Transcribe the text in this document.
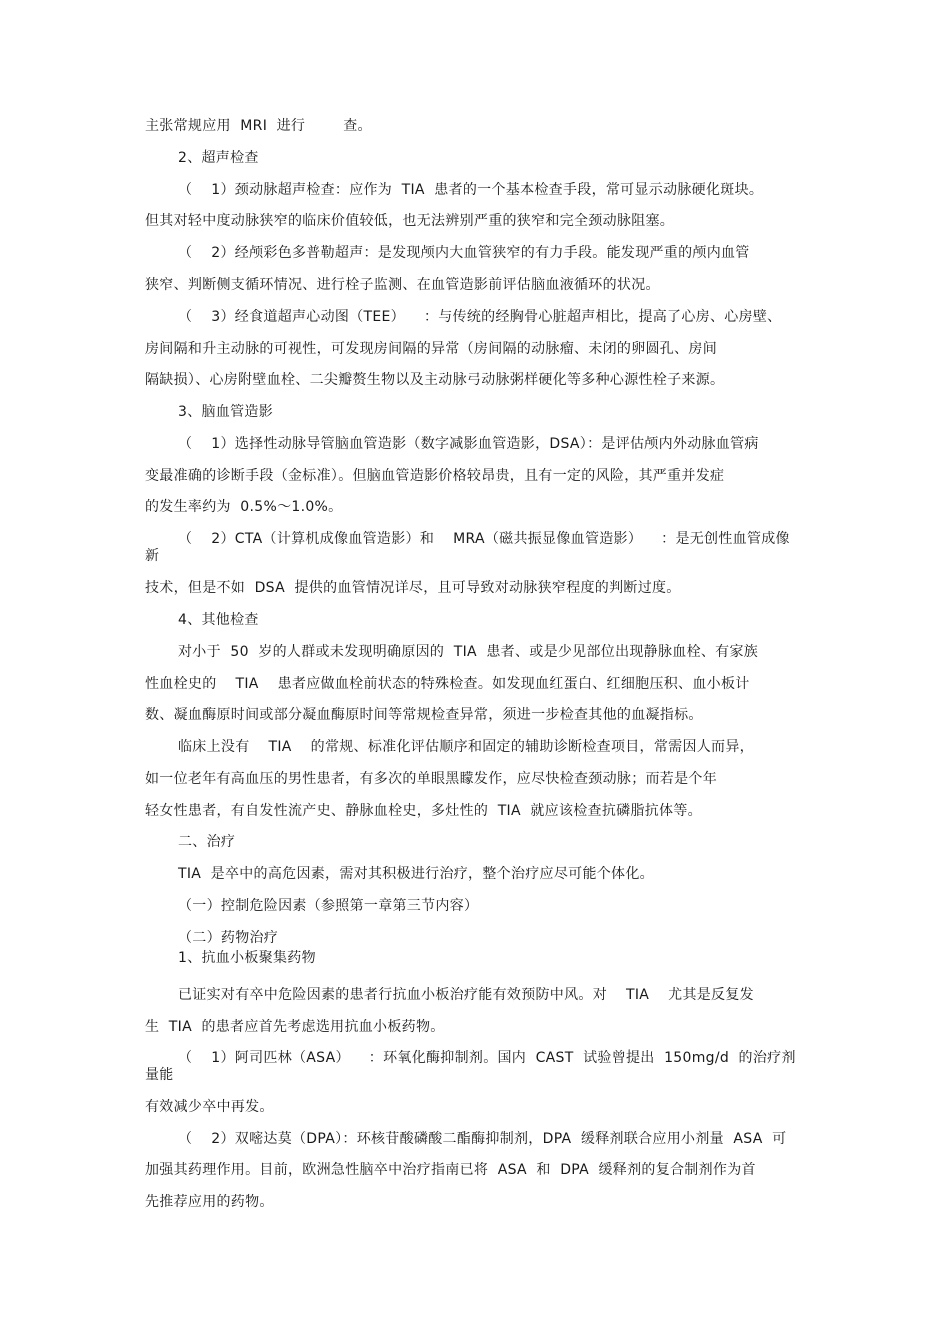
主张常规应用  MRI  进行        查。
2、超声检查
（    1）颈动脉超声检查：应作为  TIA  患者的一个基本检查手段，常可显示动脉硬化斑块。
但其对轻中度动脉狭窄的临床价值较低，也无法辨别严重的狭窄和完全颈动脉阻塞。
（    2）经颅彩色多普勒超声：是发现颅内大血管狭窄的有力手段。能发现严重的颅内血管
狭窄、判断侧支循环情况、进行栓子监测、在血管造影前评估脑血液循环的状况。
（    3）经食道超声心动图（TEE）    ：与传统的经胸骨心脏超声相比，提高了心房、心房壁、
房间隔和升主动脉的可视性，可发现房间隔的异常（房间隔的动脉瘤、未闭的卵圆孔、房间
隔缺损）、心房附壁血栓、二尖瓣赘生物以及主动脉弓动脉粥样硬化等多种心源性栓子来源。
3、脑血管造影
（    1）选择性动脉导管脑血管造影（数字减影血管造影，DSA）：是评估颅内外动脉血管病
变最准确的诊断手段（金标准）。但脑血管造影价格较昂贵，且有一定的风险，其严重并发症
的发生率约为  0.5%～1.0%。
（    2）CTA（计算机成像血管造影）和    MRA（磁共振显像血管造影）    ：是无创性血管成像
新
技术，但是不如  DSA  提供的血管情况详尽，且可导致对动脉狭窄程度的判断过度。
4、其他检查
对小于  50  岁的人群或未发现明确原因的  TIA  患者、或是少见部位出现静脉血栓、有家族
性血栓史的    TIA    患者应做血栓前状态的特殊检查。如发现血红蛋白、红细胞压积、血小板计
数、凝血酶原时间或部分凝血酶原时间等常规检查异常，须进一步检查其他的血凝指标。
临床上没有    TIA    的常规、标准化评估顺序和固定的辅助诊断检查项目，常需因人而异，
如一位老年有高血压的男性患者，有多次的单眼黑矇发作，应尽快检查颈动脉；而若是个年
轻女性患者，有自发性流产史、静脉血栓史，多灶性的  TIA  就应该检查抗磷脂抗体等。
二、治疗
TIA  是卒中的高危因素，需对其积极进行治疗，整个治疗应尽可能个体化。
（一）控制危险因素（参照第一章第三节内容）
（二）药物治疗
1、抗血小板聚集药物
已证实对有卒中危险因素的患者行抗血小板治疗能有效预防中风。对    TIA    尤其是反复发
生  TIA  的患者应首先考虑选用抗血小板药物。
（    1）阿司匹林（ASA）    ：环氧化酶抑制剂。国内  CAST  试验曾提出  150mg/d  的治疗剂
量能
有效减少卒中再发。
（    2）双嘧达莫（DPA）：环核苷酸磷酸二酯酶抑制剂，DPA  缓释剂联合应用小剂量  ASA  可
加强其药理作用。目前，欧洲急性脑卒中治疗指南已将  ASA  和  DPA  缓释剂的复合制剂作为首
先推荐应用的药物。
